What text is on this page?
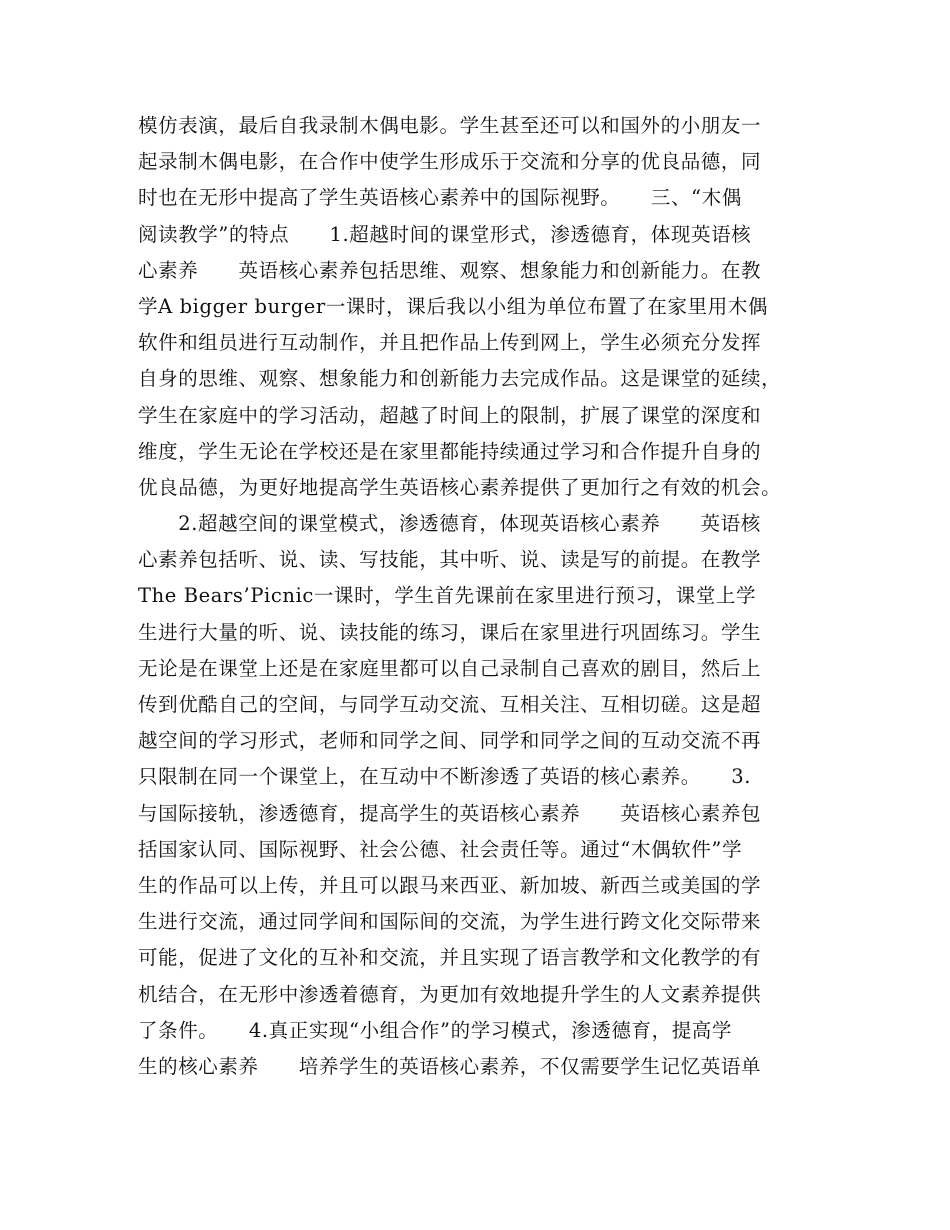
模仿表演，最后自我录制木偶电影。学生甚至还可以和国外的小朋友一
起录制木偶电影，在合作中使学生形成乐于交流和分享的优良品德，同
时也在无形中提高了学生英语核心素养中的国际视野。　　三、“木偶
阅读教学”的特点　　1.超越时间的课堂形式，渗透德育，体现英语核
心素养　　英语核心素养包括思维、观察、想象能力和创新能力。在教
学A bigger burger一课时，课后我以小组为单位布置了在家里用木偶
软件和组员进行互动制作，并且把作品上传到网上，学生必须充分发挥
自身的思维、观察、想象能力和创新能力去完成作品。这是课堂的延续，
学生在家庭中的学习活动，超越了时间上的限制，扩展了课堂的深度和
维度，学生无论在学校还是在家里都能持续通过学习和合作提升自身的
优良品德，为更好地提高学生英语核心素养提供了更加行之有效的机会。
　　2.超越空间的课堂模式，渗透德育，体现英语核心素养　　英语核
心素养包括听、说、读、写技能，其中听、说、读是写的前提。在教学
The Bears’Picnic一课时，学生首先课前在家里进行预习，课堂上学
生进行大量的听、说、读技能的练习，课后在家里进行巩固练习。学生
无论是在课堂上还是在家庭里都可以自己录制自己喜欢的剧目，然后上
传到优酷自己的空间，与同学互动交流、互相关注、互相切磋。这是超
越空间的学习形式，老师和同学之间、同学和同学之间的互动交流不再
只限制在同一个课堂上，在互动中不断渗透了英语的核心素养。　　3.
与国际接轨，渗透德育，提高学生的英语核心素养　　英语核心素养包
括国家认同、国际视野、社会公德、社会责任等。通过“木偶软件”学
生的作品可以上传，并且可以跟马来西亚、新加坡、新西兰或美国的学
生进行交流，通过同学间和国际间的交流，为学生进行跨文化交际带来
可能，促进了文化的互补和交流，并且实现了语言教学和文化教学的有
机结合，在无形中渗透着德育，为更加有效地提升学生的人文素养提供
了条件。　　4.真正实现“小组合作”的学习模式，渗透德育，提高学
生的核心素养　　培养学生的英语核心素养，不仅需要学生记忆英语单
